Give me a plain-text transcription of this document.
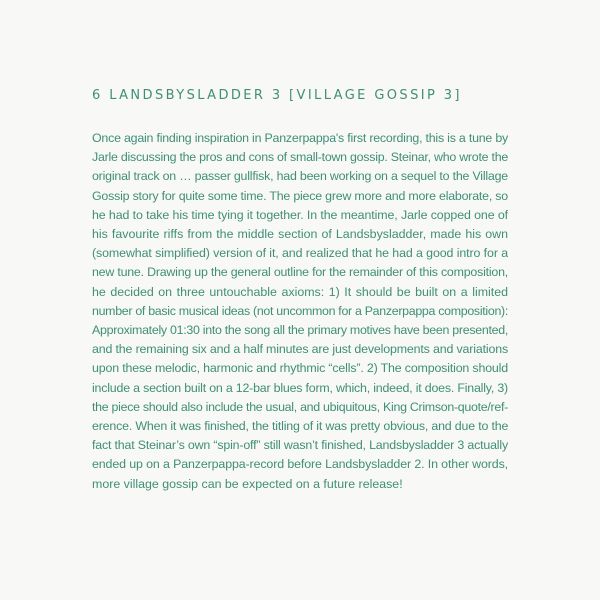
6 LANDSBYSLADDER 3 [VILLAGE GOSSIP 3]
Once again finding inspiration in Panzerpappa's first recording, this is a tune by
Jarle discussing the pros and cons of small-town gossip. Steinar, who wrote the
original track on … passer gullfisk, had been working on a sequel to the Village
Gossip story for quite some time. The piece grew more and more elaborate, so
he had to take his time tying it together. In the meantime, Jarle copped one of
his favourite riffs from the middle section of Landsbysladder, made his own
(somewhat simplified) version of it, and realized that he had a good intro for a
new tune. Drawing up the general outline for the remainder of this composition,
he decided on three untouchable axioms: 1) It should be built on a limited
number of basic musical ideas (not uncommon for a Panzerpappa composition):
Approximately 01:30 into the song all the primary motives have been presented,
and the remaining six and a half minutes are just developments and variations
upon these melodic, harmonic and rhythmic “cells”. 2) The composition should
include a section built on a 12-bar blues form, which, indeed, it does. Finally, 3)
the piece should also include the usual, and ubiquitous, King Crimson-quote/ref-
erence. When it was finished, the titling of it was pretty obvious, and due to the
fact that Steinar’s own “spin-off” still wasn’t finished, Landsbysladder 3 actually
ended up on a Panzerpappa-record before Landsbysladder 2. In other words,
more village gossip can be expected on a future release!
